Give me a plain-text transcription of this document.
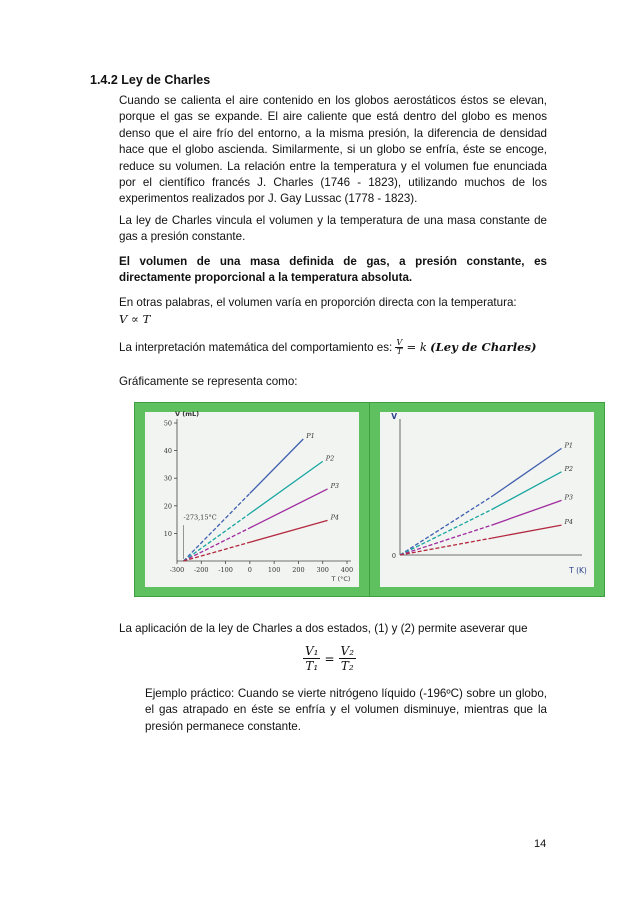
1.4.2 Ley de Charles
Cuando se calienta el aire contenido en los globos aerostáticos éstos se elevan, porque el gas se expande. El aire caliente que está dentro del globo es menos denso que el aire frío del entorno, a la misma presión, la diferencia de densidad hace que el globo ascienda. Similarmente, si un globo se enfría, éste se encoge, reduce su volumen. La relación entre la temperatura y el volumen fue enunciada por el científico francés J. Charles (1746 - 1823), utilizando muchos de los experimentos realizados por J. Gay Lussac (1778 - 1823).
La ley de Charles vincula el volumen y la temperatura de una masa constante de gas a presión constante.
El volumen de una masa definida de gas, a presión constante, es directamente proporcional a la temperatura absoluta.
En otras palabras, el volumen varía en proporción directa con la temperatura:
V ∝ T
La interpretación matemática del comportamiento es: $\frac{V}{T} = k$ (Ley de Charles)
Gráficamente se representa como:
10
20
30
40
50
-300 -200 -100 0 100 200 300 400
V (mL)
T (°C)
P1
P2
P3
P4
-273,15°C
V
T (K)
0
P1
P2
P3
P4
La aplicación de la ley de Charles a dos estados, (1) y (2) permite aseverar que
$\frac{\text{V₁}}{\text{T₁}} = \frac{\text{V₂}}{\text{T₂}}$
Ejemplo práctico: Cuando se vierte nitrógeno líquido (-196ºC) sobre un globo, el gas atrapado en éste se enfría y el volumen disminuye, mientras que la presión permanece constante.
14
